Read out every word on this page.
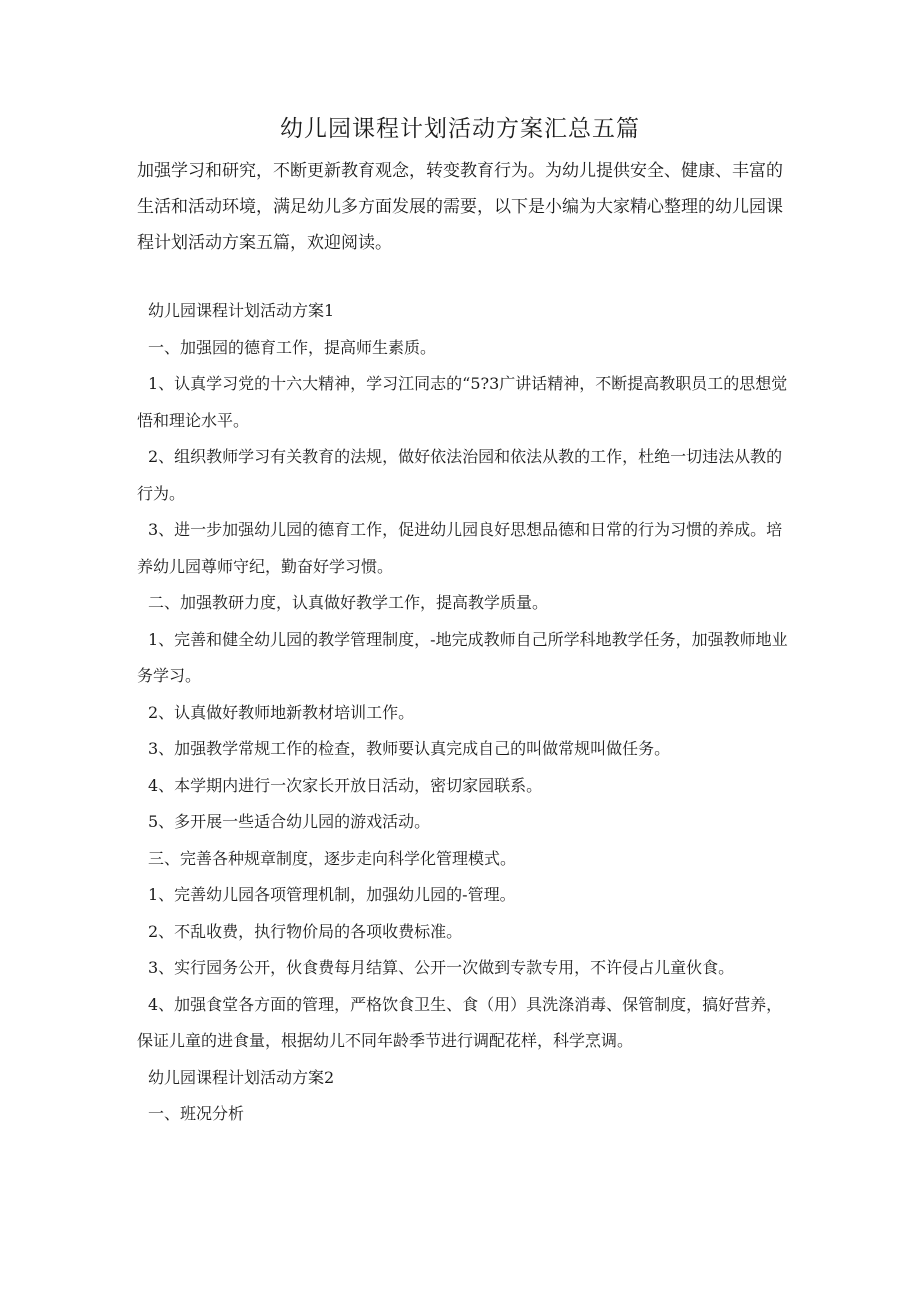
幼儿园课程计划活动方案汇总五篇

加强学习和研究，不断更新教育观念，转变教育行为。为幼儿提供安全、健康、丰富的生活和活动环境，满足幼儿多方面发展的需要，以下是小编为大家精心整理的幼儿园课程计划活动方案五篇，欢迎阅读。

幼儿园课程计划活动方案1

一、加强园的德育工作，提高师生素质。

1、认真学习党的十六大精神，学习江同志的“5?3广讲话精神，不断提高教职员工的思想觉悟和理论水平。

2、组织教师学习有关教育的法规，做好依法治园和依法从教的工作，杜绝一切违法从教的行为。

3、进一步加强幼儿园的德育工作，促进幼儿园良好思想品德和日常的行为习惯的养成。培养幼儿园尊师守纪，勤奋好学习惯。

二、加强教研力度，认真做好教学工作，提高教学质量。

1、完善和健全幼儿园的教学管理制度，-地完成教师自己所学科地教学任务，加强教师地业务学习。

2、认真做好教师地新教材培训工作。

3、加强教学常规工作的检查，教师要认真完成自己的叫做常规叫做任务。

4、本学期内进行一次家长开放日活动，密切家园联系。

5、多开展一些适合幼儿园的游戏活动。

三、完善各种规章制度，逐步走向科学化管理模式。

1、完善幼儿园各项管理机制，加强幼儿园的-管理。

2、不乱收费，执行物价局的各项收费标准。

3、实行园务公开，伙食费每月结算、公开一次做到专款专用，不许侵占儿童伙食。

4、加强食堂各方面的管理，严格饮食卫生、食（用）具洗涤消毒、保管制度，搞好营养，保证儿童的进食量，根据幼儿不同年龄季节进行调配花样，科学烹调。

幼儿园课程计划活动方案2

一、班况分析
